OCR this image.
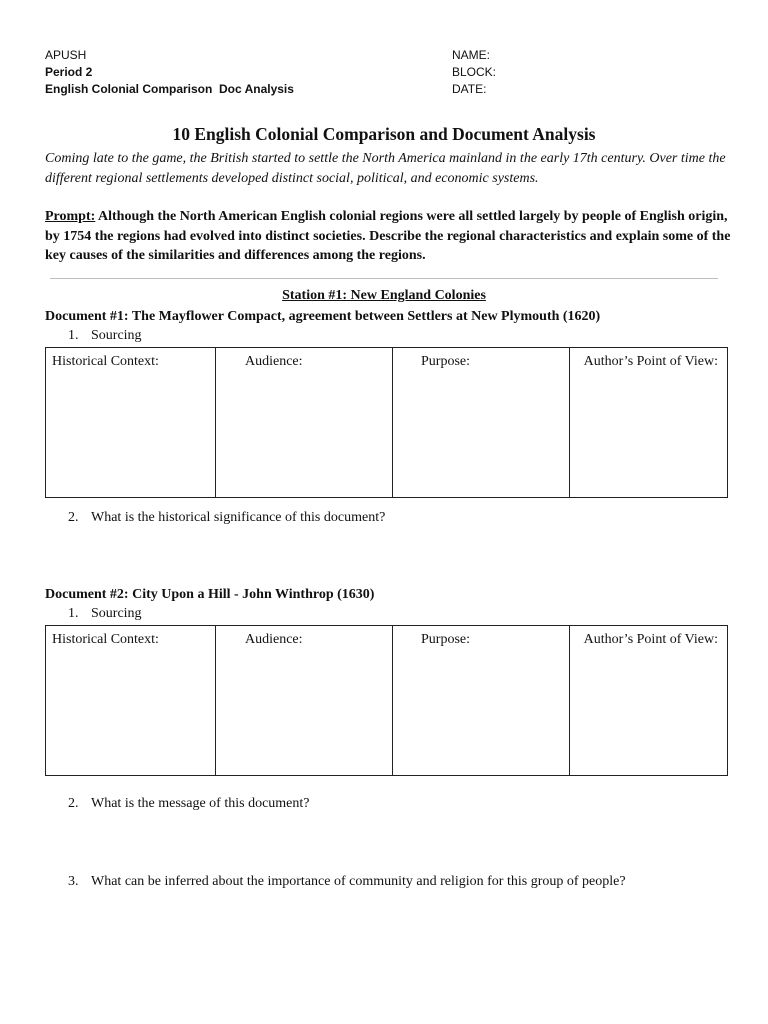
APUSH
Period 2
English Colonial Comparison  Doc Analysis
NAME:
BLOCK:
DATE:
10 English Colonial Comparison and Document Analysis
Coming late to the game, the British started to settle the North America mainland in the early 17th century. Over time the different regional settlements developed distinct social, political, and economic systems.
Prompt: Although the North American English colonial regions were all settled largely by people of English origin, by 1754 the regions had evolved into distinct societies. Describe the regional characteristics and explain some of the key causes of the similarities and differences among the regions.
Station #1: New England Colonies
Document #1: The Mayflower Compact, agreement between Settlers at New Plymouth (1620)
1. Sourcing
Historical Context:	Audience:	Purpose:	Author’s Point of View:
2. What is the historical significance of this document?
Document #2: City Upon a Hill - John Winthrop (1630)
1. Sourcing
Historical Context:	Audience:	Purpose:	Author’s Point of View:
2. What is the message of this document?
3. What can be inferred about the importance of community and religion for this group of people?
